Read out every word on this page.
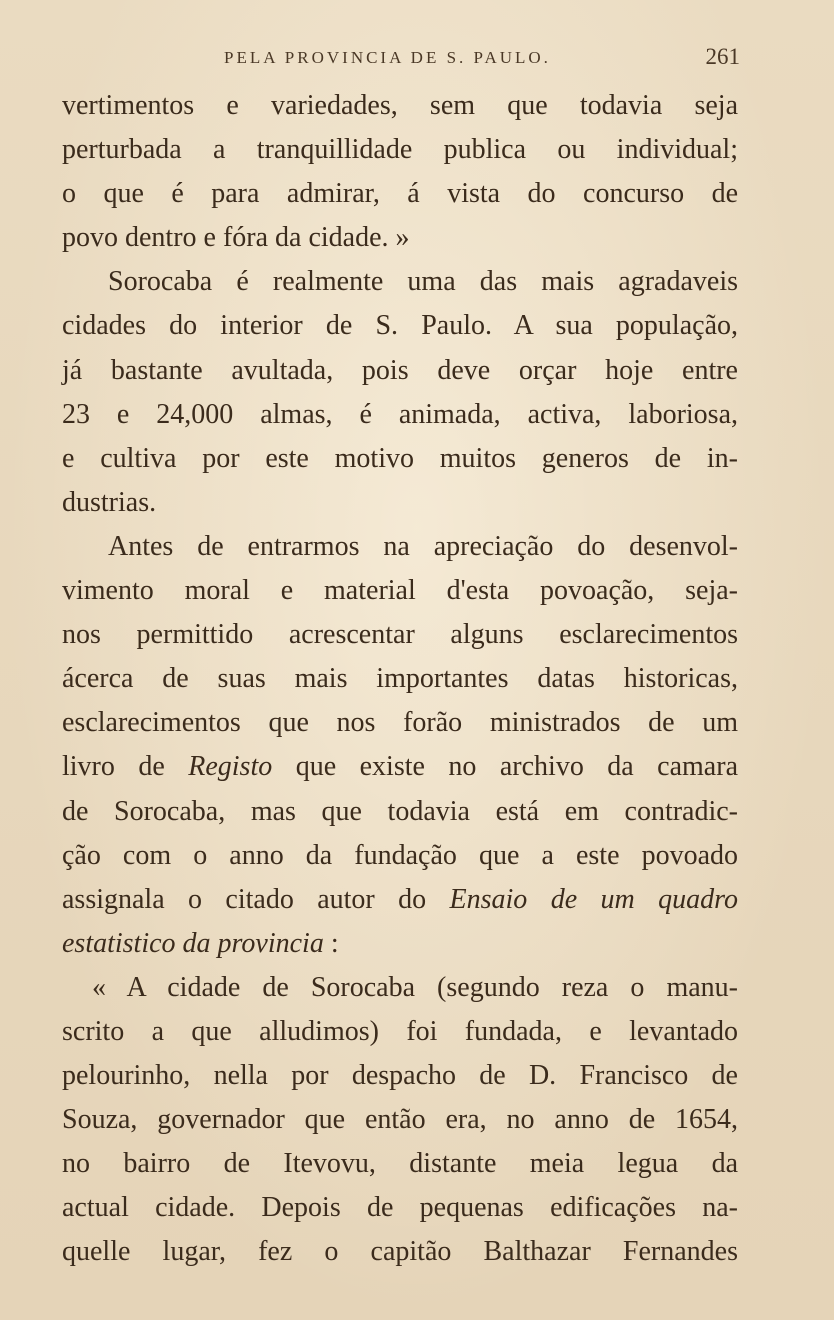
PELA PROVINCIA DE S. PAULO.	261
vertimentos e variedades, sem que todavia seja
perturbada a tranquillidade publica ou individual;
o que é para admirar, á vista do concurso de
povo dentro e fóra da cidade. »
Sorocaba é realmente uma das mais agradaveis
cidades do interior de S. Paulo. A sua população,
já bastante avultada, pois deve orçar hoje entre
23 e 24,000 almas, é animada, activa, laboriosa,
e cultiva por este motivo muitos generos de in-
dustrias.
Antes de entrarmos na apreciação do desenvol-
vimento moral e material d'esta povoação, seja-
nos permittido acrescentar alguns esclarecimentos
ácerca de suas mais importantes datas historicas,
esclarecimentos que nos forão ministrados de um
livro de Registo que existe no archivo da camara
de Sorocaba, mas que todavia está em contradic-
ção com o anno da fundação que a este povoado
assignala o citado autor do Ensaio de um quadro
estatistico da provincia :
« A cidade de Sorocaba (segundo reza o manu-
scrito a que alludimos) foi fundada, e levantado
pelourinho, nella por despacho de D. Francisco de
Souza, governador que então era, no anno de 1654,
no bairro de Itevovu, distante meia legua da
actual cidade. Depois de pequenas edificações na-
quelle lugar, fez o capitão Balthazar Fernandes
